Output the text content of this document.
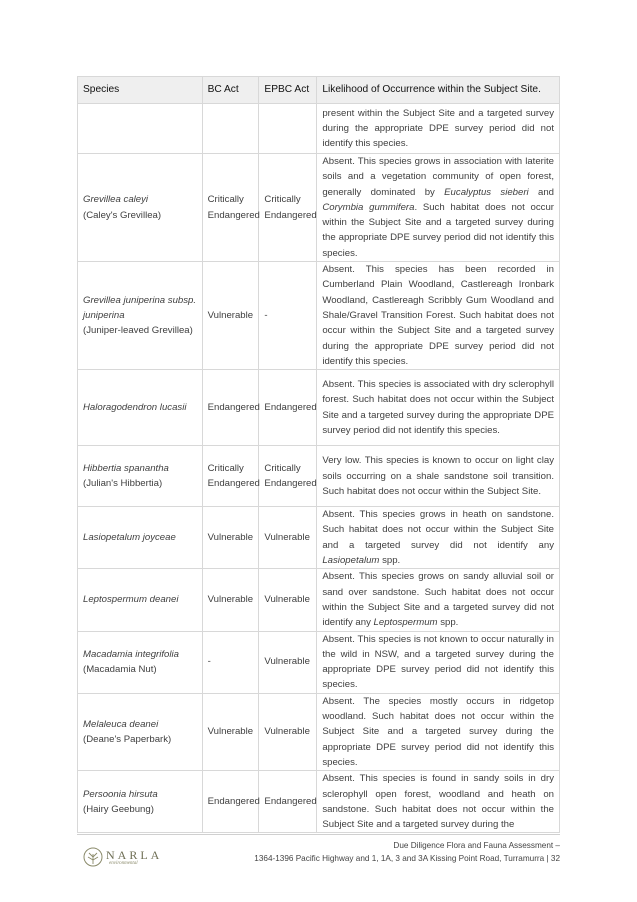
Species	BC Act	EPBC Act	Likelihood of Occurrence within the Subject Site.
			present within the Subject Site and a targeted survey during the appropriate DPE survey period did not identify this species.

Grevillea caleyi
(Caley's Grevillea)	Critically Endangered	Critically Endangered	Absent. This species grows in association with laterite soils and a vegetation community of open forest, generally dominated by Eucalyptus sieberi and Corymbia gummifera. Such habitat does not occur within the Subject Site and a targeted survey during the appropriate DPE survey period did not identify this species.

Grevillea juniperina subsp. juniperina
(Juniper-leaved Grevillea)	Vulnerable	-	Absent. This species has been recorded in Cumberland Plain Woodland, Castlereagh Ironbark Woodland, Castlereagh Scribbly Gum Woodland and Shale/Gravel Transition Forest. Such habitat does not occur within the Subject Site and a targeted survey during the appropriate DPE survey period did not identify this species.

Haloragodendron lucasii	Endangered	Endangered	Absent. This species is associated with dry sclerophyll forest. Such habitat does not occur within the Subject Site and a targeted survey during the appropriate DPE survey period did not identify this species.

Hibbertia spanantha
(Julian's Hibbertia)	Critically Endangered	Critically Endangered	Very low. This species is known to occur on light clay soils occurring on a shale sandstone soil transition. Such habitat does not occur within the Subject Site.

Lasiopetalum joyceae	Vulnerable	Vulnerable	Absent. This species grows in heath on sandstone. Such habitat does not occur within the Subject Site and a targeted survey did not identify any Lasiopetalum spp.

Leptospermum deanei	Vulnerable	Vulnerable	Absent. This species grows on sandy alluvial soil or sand over sandstone. Such habitat does not occur within the Subject Site and a targeted survey did not identify any Leptospermum spp.

Macadamia integrifolia
(Macadamia Nut)	-	Vulnerable	Absent. This species is not known to occur naturally in the wild in NSW, and a targeted survey during the appropriate DPE survey period did not identify this species.

Melaleuca deanei
(Deane's Paperbark)	Vulnerable	Vulnerable	Absent. The species mostly occurs in ridgetop woodland. Such habitat does not occur within the Subject Site and a targeted survey during the appropriate DPE survey period did not identify this species.

Persoonia hirsuta
(Hairy Geebung)	Endangered	Endangered	Absent. This species is found in sandy soils in dry sclerophyll open forest, woodland and heath on sandstone. Such habitat does not occur within the Subject Site and a targeted survey during the
NARLA
environmental
Due Diligence Flora and Fauna Assessment –
1364-1396 Pacific Highway and 1, 1A, 3 and 3A Kissing Point Road, Turramurra | 32
